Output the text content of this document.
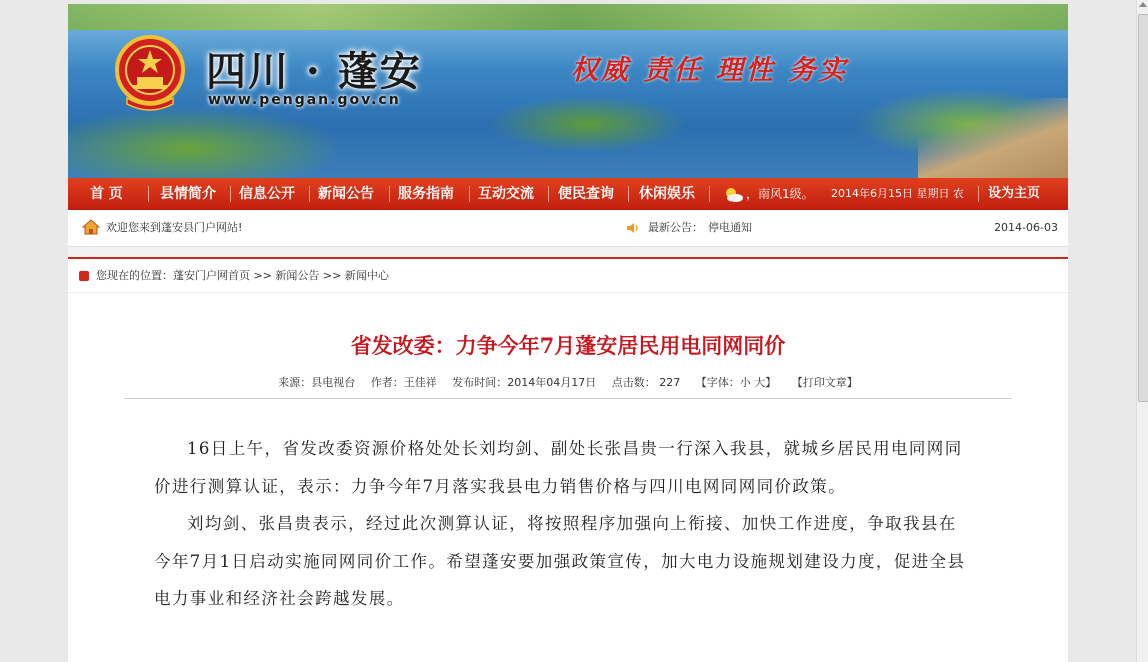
四川 · 蓬安
www.pengan.gov.cn
权威 责任 理性 务实
首 页	县情简介 信息公开 新闻公告 服务指南 互动交流 便民查询 休闲娱乐	，南风1级。 2014年6月15日 星期日 农 设为主页
欢迎您来到蓬安县门户网站!	最新公告： 停电通知	2014-06-03
您现在的位置：蓬安门户网首页 >> 新闻公告 >> 新闻中心
省发改委：力争今年7月蓬安居民用电同网同价
来源：县电视台 作者：王佳祥 发布时间：2014年04月17日 点击数： 227 【字体：小 大】 【打印文章】

16日上午，省发改委资源价格处处长刘均剑、副处长张昌贵一行深入我县，就城乡居民用电同网同价进行测算认证，表示：力争今年7月落实我县电力销售价格与四川电网同网同价政策。

刘均剑、张昌贵表示，经过此次测算认证，将按照程序加强向上衔接、加快工作进度，争取我县在今年7月1日启动实施同网同价工作。希望蓬安要加强政策宣传，加大电力设施规划建设力度，促进全县电力事业和经济社会跨越发展。
